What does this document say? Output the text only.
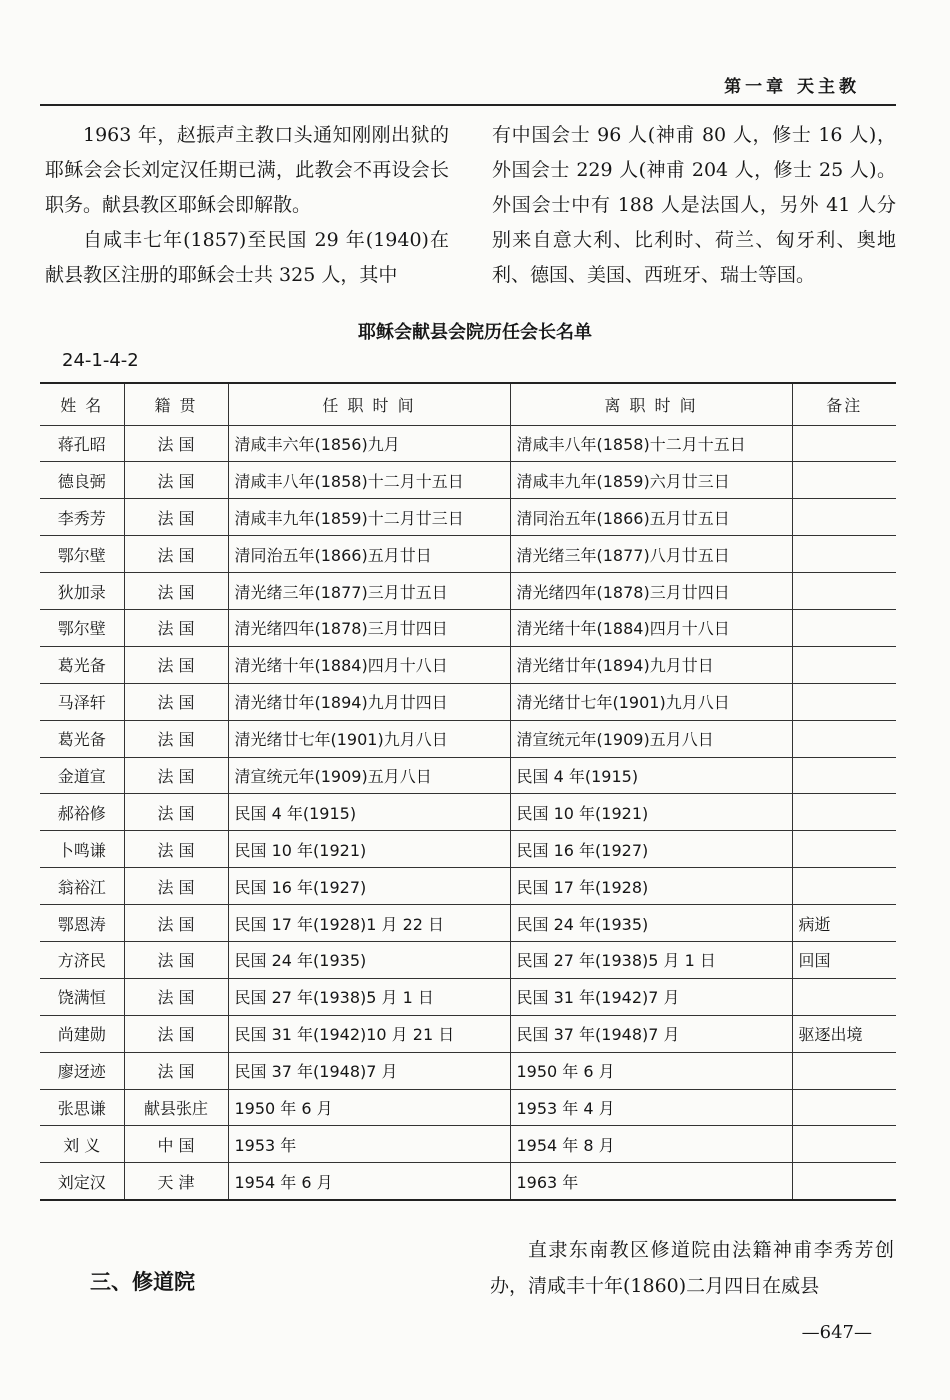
第一章 天主教

1963 年，赵振声主教口头通知刚刚出狱的耶稣会会长刘定汉任期已满，此教会不再设会长职务。献县教区耶稣会即解散。

自咸丰七年(1857)至民国 29 年(1940)在献县教区注册的耶稣会士共 325 人，其中

有中国会士 96 人(神甫 80 人，修士 16 人)，外国会士 229 人(神甫 204 人，修士 25 人)。外国会士中有 188 人是法国人，另外 41 人分别来自意大利、比利时、荷兰、匈牙利、奥地利、德国、美国、西班牙、瑞士等国。

耶稣会献县会院历任会长名单
24-1-4-2
姓 名	籍 贯	任 职 时 间	离 职 时 间	备注
蒋孔昭	法 国	清咸丰六年(1856)九月	清咸丰八年(1858)十二月十五日	
德良弼	法 国	清咸丰八年(1858)十二月十五日	清咸丰九年(1859)六月廿三日	
李秀芳	法 国	清咸丰九年(1859)十二月廿三日	清同治五年(1866)五月廿五日	
鄂尔壁	法 国	清同治五年(1866)五月廿日	清光绪三年(1877)八月廿五日	
狄加录	法 国	清光绪三年(1877)三月廿五日	清光绪四年(1878)三月廿四日	
鄂尔壁	法 国	清光绪四年(1878)三月廿四日	清光绪十年(1884)四月十八日	
葛光备	法 国	清光绪十年(1884)四月十八日	清光绪廿年(1894)九月廿日	
马泽轩	法 国	清光绪廿年(1894)九月廿四日	清光绪廿七年(1901)九月八日	
葛光备	法 国	清光绪廿七年(1901)九月八日	清宣统元年(1909)五月八日	
金道宣	法 国	清宣统元年(1909)五月八日	民国 4 年(1915)	
郝裕修	法 国	民国 4 年(1915)	民国 10 年(1921)	
卜鸣谦	法 国	民国 10 年(1921)	民国 16 年(1927)	
翁裕江	法 国	民国 16 年(1927)	民国 17 年(1928)	
鄂恩涛	法 国	民国 17 年(1928)1 月 22 日	民国 24 年(1935)	病逝
方济民	法 国	民国 24 年(1935)	民国 27 年(1938)5 月 1 日	回国
饶满恒	法 国	民国 27 年(1938)5 月 1 日	民国 31 年(1942)7 月	
尚建勋	法 国	民国 31 年(1942)10 月 21 日	民国 37 年(1948)7 月	驱逐出境
廖迓迹	法 国	民国 37 年(1948)7 月	1950 年 6 月	
张思谦	献县张庄	1950 年 6 月	1953 年 4 月	
刘 义	中 国	1953 年	1954 年 8 月	
刘定汉	天 津	1954 年 6 月	1963 年	
三、修道院

直隶东南教区修道院由法籍神甫李秀芳创办，清咸丰十年(1860)二月四日在威县

—647—
